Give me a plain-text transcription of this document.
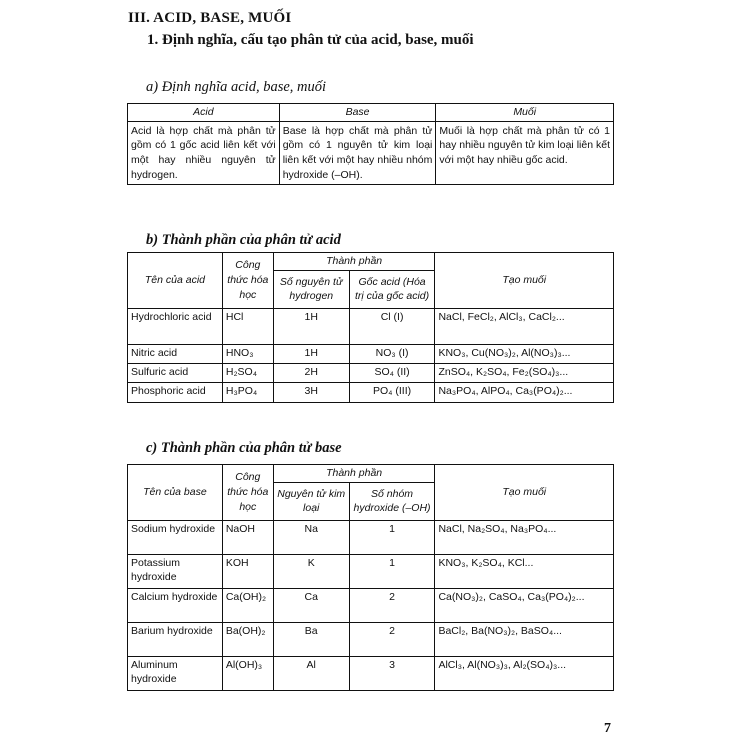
III. ACID, BASE, MUỐI
1. Định nghĩa, cấu tạo phân tử của acid, base, muối
a) Định nghĩa acid, base, muối
Acid	Base	Muối
Acid là hợp chất mà phân tử gồm có 1 gốc acid liên kết với một hay nhiều nguyên tử hydrogen.	Base là hợp chất mà phân tử gồm có 1 nguyên tử kim loại liên kết với một hay nhiều nhóm hydroxide (–OH).	Muối là hợp chất mà phân tử có 1 hay nhiều nguyên tử kim loại liên kết với một hay nhiều gốc acid.
b) Thành phần của phân tử acid
Tên của acid	Công thức hóa học	Thành phần		Tạo muối
		Số nguyên tử hydrogen	Gốc acid (Hóa trị của gốc acid)	
Hydrochloric acid	HCl	1H	Cl (I)	NaCl, FeCl₂, AlCl₃, CaCl₂...
Nitric acid	HNO₃	1H	NO₃ (I)	KNO₃, Cu(NO₃)₂, Al(NO₃)₃...
Sulfuric acid	H₂SO₄	2H	SO₄ (II)	ZnSO₄, K₂SO₄, Fe₂(SO₄)₃...
Phosphoric acid	H₃PO₄	3H	PO₄ (III)	Na₃PO₄, AlPO₄, Ca₃(PO₄)₂...
c) Thành phần của phân tử base
Tên của base	Công thức hóa học	Thành phần		Tạo muối
		Nguyên tử kim loại	Số nhóm hydroxide (–OH)	
Sodium hydroxide	NaOH	Na	1	NaCl, Na₂SO₄, Na₃PO₄...
Potassium hydroxide	KOH	K	1	KNO₃, K₂SO₄, KCl...
Calcium hydroxide	Ca(OH)₂	Ca	2	Ca(NO₃)₂, CaSO₄, Ca₃(PO₄)₂...
Barium hydroxide	Ba(OH)₂	Ba	2	BaCl₂, Ba(NO₃)₂, BaSO₄...
Aluminum hydroxide	Al(OH)₃	Al	3	AlCl₃, Al(NO₃)₃, Al₂(SO₄)₃...
7
